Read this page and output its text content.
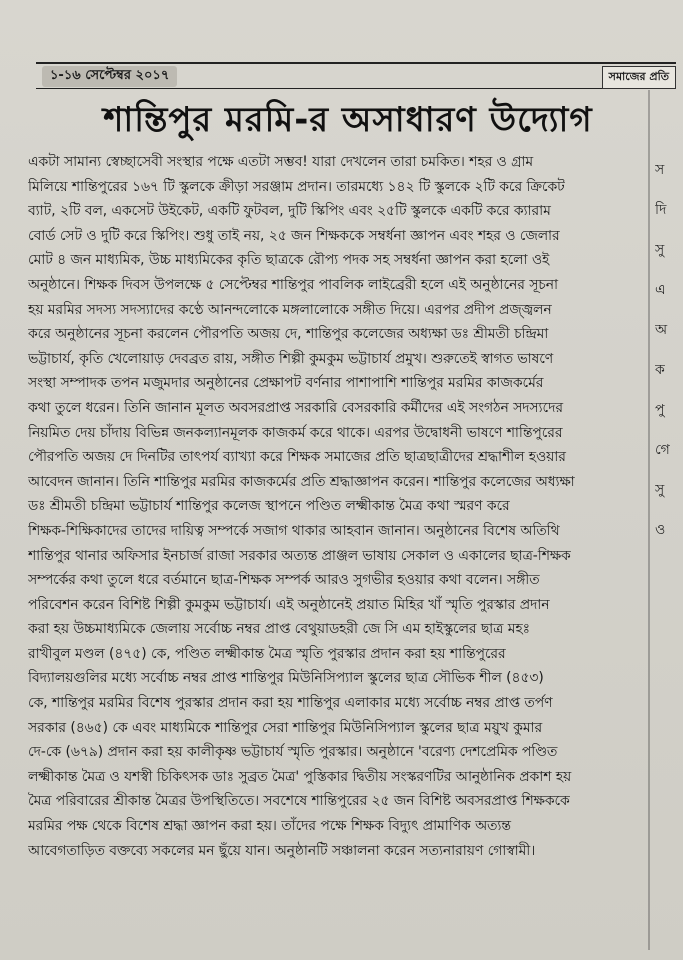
১-১৬ সেপ্টেম্বর ২০১৭	সমাজের প্রতি
শান্তিপুর মরমি-র অসাধারণ উদ্যোগ
একটা সামান্য স্বেচ্ছাসেবী সংস্থার পক্ষে এতটা সম্ভব! যারা দেখলেন তারা চমকিত। শহর ও গ্রাম
মিলিয়ে শান্তিপুরের ১৬৭ টি স্কুলকে ক্রীড়া সরঞ্জাম প্রদান। তারমধ্যে ১৪২ টি স্কুলকে ২টি করে ক্রিকেট
ব্যাট, ২টি বল, একসেট উইকেট, একটি ফুটবল, দুটি স্কিপিং এবং ২৫টি স্কুলকে একটি করে ক্যারাম
বোর্ড সেট ও দুটি করে স্কিপিং। শুধু তাই নয়, ২৫ জন শিক্ষককে সম্বর্ধনা জ্ঞাপন এবং শহর ও জেলার
মোট ৪ জন মাধ্যমিক, উচ্চ মাধ্যমিকের কৃতি ছাত্রকে রৌপ্য পদক সহ সম্বর্ধনা জ্ঞাপন করা হলো ওই
অনুষ্ঠানে। শিক্ষক দিবস উপলক্ষে ৫ সেপ্টেম্বর শান্তিপুর পাবলিক লাইব্রেরী হলে এই অনুষ্ঠানের সূচনা
হয় মরমির সদস্য সদস্যাদের কণ্ঠে আনন্দলোকে মঙ্গলালোকে সঙ্গীত দিয়ে। এরপর প্রদীপ প্রজ্জ্বলন
করে অনুষ্ঠানের সূচনা করলেন পৌরপতি অজয় দে, শান্তিপুর কলেজের অধ্যক্ষা ডঃ শ্রীমতী চন্দ্রিমা
ভট্টাচার্য, কৃতি খেলোয়াড় দেবব্রত রায়, সঙ্গীত শিল্পী কুমকুম ভট্টাচার্য প্রমুখ। শুরুতেই স্বাগত ভাষণে
সংস্থা সম্পাদক তপন মজুমদার অনুষ্ঠানের প্রেক্ষাপট বর্ণনার পাশাপাশি শান্তিপুর মরমির কাজকর্মের
কথা তুলে ধরেন। তিনি জানান মূলত অবসরপ্রাপ্ত সরকারি বেসরকারি কর্মীদের এই সংগঠন সদস্যদের
নিয়মিত দেয় চাঁদায় বিভিন্ন জনকল্যানমূলক কাজকর্ম করে থাকে। এরপর উদ্বোধনী ভাষণে শান্তিপুরের
পৌরপতি অজয় দে দিনটির তাৎপর্য ব্যাখ্যা করে শিক্ষক সমাজের প্রতি ছাত্রছাত্রীদের শ্রদ্ধাশীল হওয়ার
আবেদন জানান। তিনি শান্তিপুর মরমির কাজকর্মের প্রতি শ্রদ্ধাজ্ঞাপন করেন। শান্তিপুর কলেজের অধ্যক্ষা
ডঃ শ্রীমতী চন্দ্রিমা ভট্টাচার্য শান্তিপুর কলেজ স্থাপনে পণ্ডিত লক্ষ্মীকান্ত মৈত্র কথা স্মরণ করে
শিক্ষক-শিক্ষিকাদের তাদের দায়িত্ব সম্পর্কে সজাগ থাকার আহবান জানান। অনুষ্ঠানের বিশেষ অতিথি
শান্তিপুর থানার অফিসার ইনচার্জ রাজা সরকার অত্যন্ত প্রাঞ্জল ভাষায় সেকাল ও একালের ছাত্র-শিক্ষক
সম্পর্কের কথা তুলে ধরে বর্তমানে ছাত্র-শিক্ষক সম্পর্ক আরও সুগভীর হওয়ার কথা বলেন। সঙ্গীত
পরিবেশন করেন বিশিষ্ট শিল্পী কুমকুম ভট্টাচার্য। এই অনুষ্ঠানেই প্রয়াত মিহির খাঁ স্মৃতি পুরস্কার প্রদান
করা হয় উচ্চমাধ্যমিকে জেলায় সর্বোচ্চ নম্বর প্রাপ্ত বেথুয়াডহরী জে সি এম হাইস্কুলের ছাত্র মহঃ
রাখীবুল মণ্ডল (৪৭৫) কে, পণ্ডিত লক্ষ্মীকান্ত মৈত্র স্মৃতি পুরস্কার প্রদান করা হয় শান্তিপুরের
বিদ্যালয়গুলির মধ্যে সর্বোচ্চ নম্বর প্রাপ্ত শান্তিপুর মিউনিসিপ্যাল স্কুলের ছাত্র সৌভিক শীল (৪৫৩)
কে, শান্তিপুর মরমির বিশেষ পুরস্কার প্রদান করা হয় শান্তিপুর এলাকার মধ্যে সর্বোচ্চ নম্বর প্রাপ্ত তর্পণ
সরকার (৪৬৫) কে এবং মাধ্যমিকে শান্তিপুর সেরা শান্তিপুর মিউনিসিপ্যাল স্কুলের ছাত্র ময়ুখ কুমার
দে-কে (৬৭৯) প্রদান করা হয় কালীকৃষ্ণ ভট্টাচার্য স্মৃতি পুরস্কার। অনুষ্ঠানে 'বরেণ্য দেশপ্রেমিক পণ্ডিত
লক্ষ্মীকান্ত মৈত্র ও যশস্বী চিকিৎসক ডাঃ সুব্রত মৈত্র' পুস্তিকার দ্বিতীয় সংস্করণটির আনুষ্ঠানিক প্রকাশ হয়
মৈত্র পরিবারের শ্রীকান্ত মৈত্রর উপস্থিতিতে। সবশেষে শান্তিপুরের ২৫ জন বিশিষ্ট অবসরপ্রাপ্ত শিক্ষককে
মরমির পক্ষ থেকে বিশেষ শ্রদ্ধা জ্ঞাপন করা হয়। তাঁদের পক্ষে শিক্ষক বিদ্যুৎ প্রামাণিক অত্যন্ত
আবেগতাড়িত বক্তব্যে সকলের মন ছুঁয়ে যান। অনুষ্ঠানটি সঞ্চালনা করেন সত্যনারায়ণ গোস্বামী।
স
দি
সু
এ
অ
ক
পু
গে
সু
ও
